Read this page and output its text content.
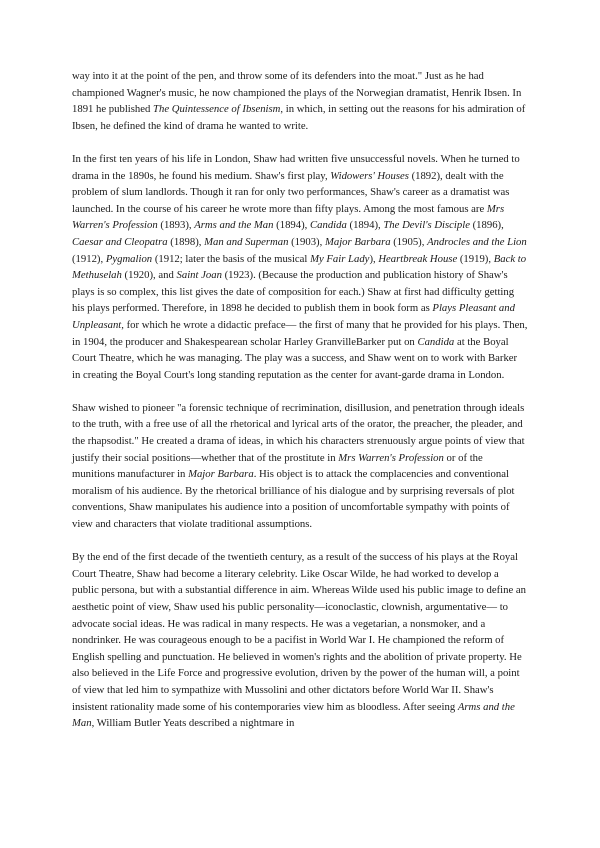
way into it at the point of the pen, and throw some of its defenders into the moat." Just as he had championed Wagner's music, he now championed the plays of the Norwegian dramatist, Henrik Ibsen. In 1891 he published The Quintessence of Ibsenism, in which, in setting out the reasons for his admiration of Ibsen, he defined the kind of drama he wanted to write.

In the first ten years of his life in London, Shaw had written five unsuccessful novels. When he turned to drama in the 1890s, he found his medium. Shaw's first play, Widowers' Houses (1892), dealt with the problem of slum landlords. Though it ran for only two performances, Shaw's career as a dramatist was launched. In the course of his career he wrote more than fifty plays. Among the most famous are Mrs Warren's Profession (1893), Arms and the Man (1894), Candida (1894), The Devil's Disciple (1896), Caesar and Cleopatra (1898), Man and Superman (1903), Major Barbara (1905), Androcles and the Lion (1912), Pygmalion (1912; later the basis of the musical My Fair Lady), Heartbreak House (1919), Back to Methuselah (1920), and Saint Joan (1923). (Because the production and publication history of Shaw's plays is so complex, this list gives the date of composition for each.) Shaw at first had difficulty getting his plays performed. Therefore, in 1898 he decided to publish them in book form as Plays Pleasant and Unpleasant, for which he wrote a didactic preface— the first of many that he provided for his plays. Then, in 1904, the producer and Shakespearean scholar Harley GranvilleBarker put on Candida at the Boyal Court Theatre, which he was managing. The play was a success, and Shaw went on to work with Barker in creating the Boyal Court's long standing reputation as the center for avant-garde drama in London.

Shaw wished to pioneer "a forensic technique of recrimination, disillusion, and penetration through ideals to the truth, with a free use of all the rhetorical and lyrical arts of the orator, the preacher, the pleader, and the rhapsodist." He created a drama of ideas, in which his characters strenuously argue points of view that justify their social positions—whether that of the prostitute in Mrs Warren's Profession or of the munitions manufacturer in Major Barbara. His object is to attack the complacencies and conventional moralism of his audience. By the rhetorical brilliance of his dialogue and by surprising reversals of plot conventions, Shaw manipulates his audience into a position of uncomfortable sympathy with points of view and characters that violate traditional assumptions.

By the end of the first decade of the twentieth century, as a result of the success of his plays at the Royal Court Theatre, Shaw had become a literary celebrity. Like Oscar Wilde, he had worked to develop a public persona, but with a substantial difference in aim. Whereas Wilde used his public image to define an aesthetic point of view, Shaw used his public personality—iconoclastic, clownish, argumentative— to advocate social ideas. He was radical in many respects. He was a vegetarian, a nonsmoker, and a nondrinker. He was courageous enough to be a pacifist in World War I. He championed the reform of English spelling and punctuation. He believed in women's rights and the abolition of private property. He also believed in the Life Force and progressive evolution, driven by the power of the human will, a point of view that led him to sympathize with Mussolini and other dictators before World War II. Shaw's insistent rationality made some of his contemporaries view him as bloodless. After seeing Arms and the Man, William Butler Yeats described a nightmare in
